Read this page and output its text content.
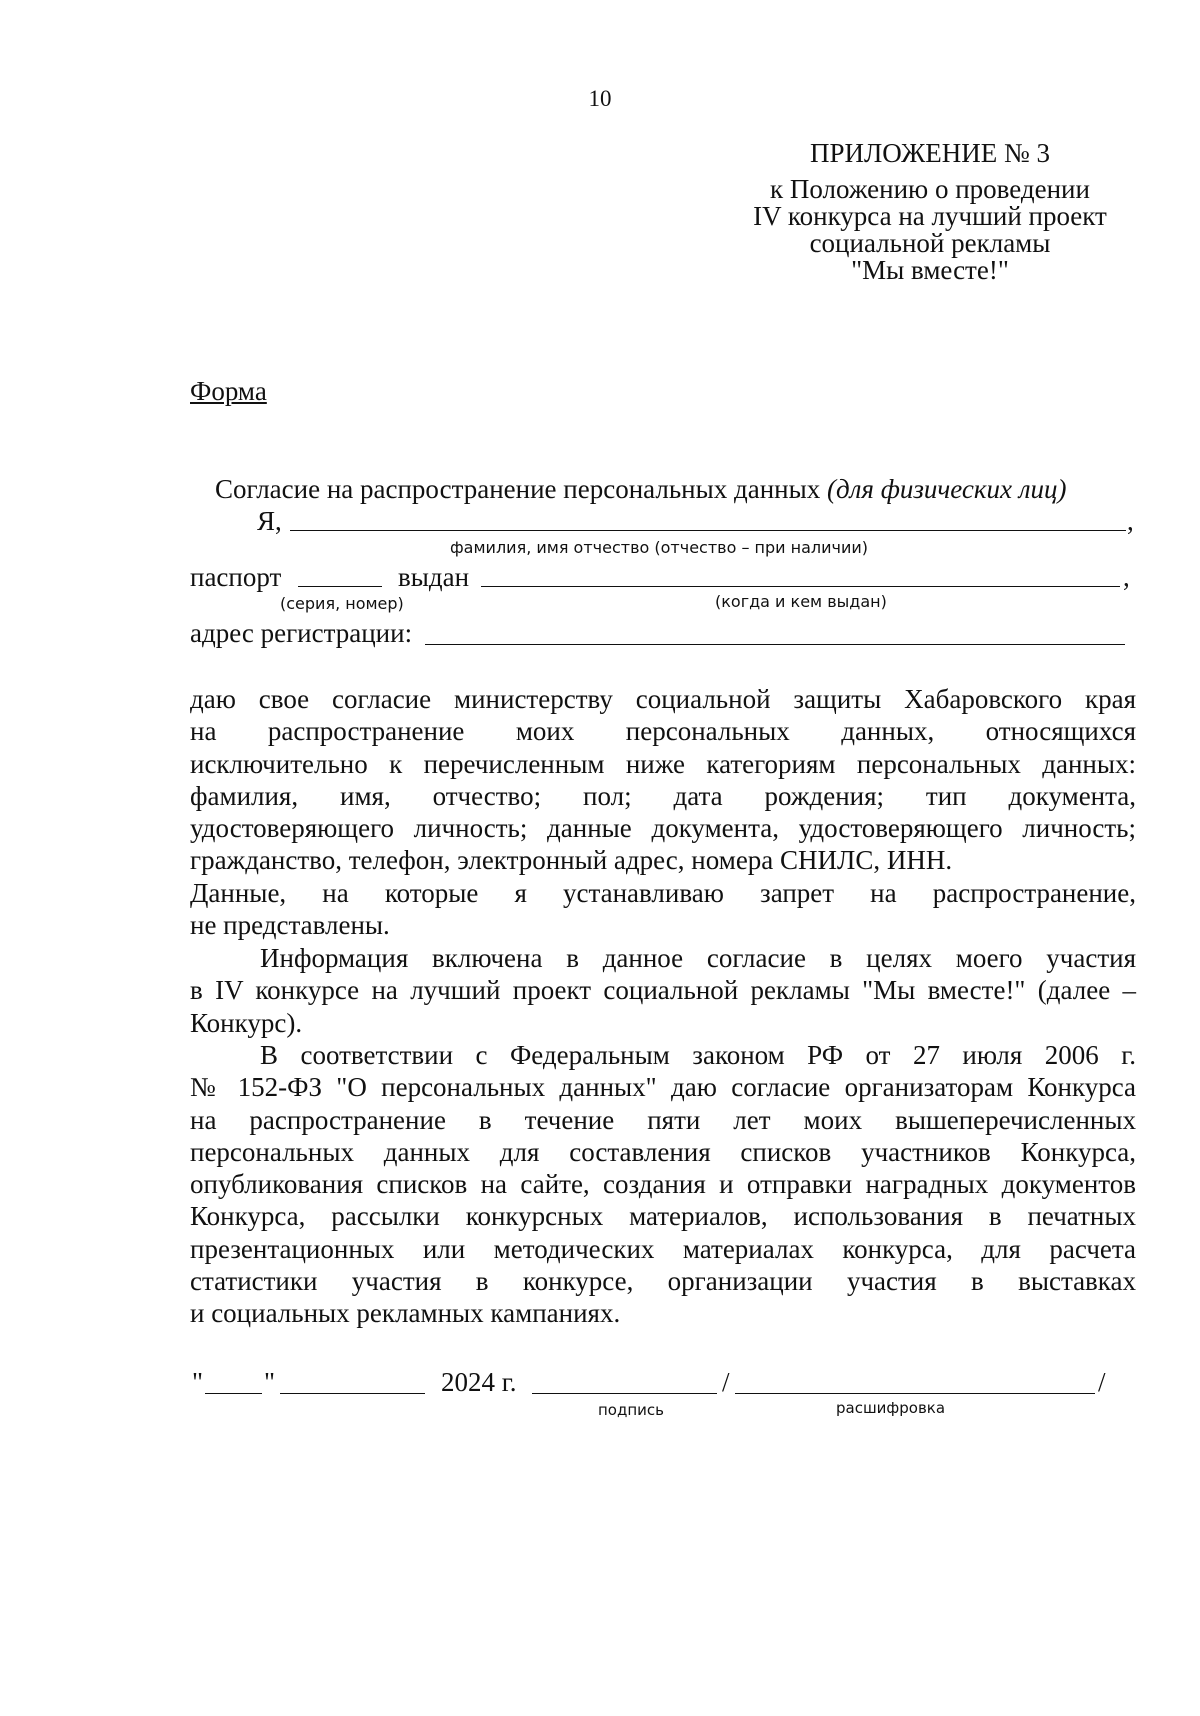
10
ПРИЛОЖЕНИЕ № 3
к Положению о проведении
IV конкурса на лучший проект
социальной рекламы
"Мы вместе!"
Форма
Согласие на распространение персональных данных (для физических лиц)
Я,	,
фамилия, имя отчество (отчество – при наличии)
паспорт	выдан	,
(серия, номер)	(когда и кем выдан)
адрес регистрации:
даю свое согласие министерству социальной защиты Хабаровского края
на распространение моих персональных данных, относящихся
исключительно к перечисленным ниже категориям персональных данных:
фамилия, имя, отчество; пол; дата рождения; тип документа,
удостоверяющего личность; данные документа, удостоверяющего личность;
гражданство, телефон, электронный адрес, номера СНИЛС, ИНН.
Данные, на которые я устанавливаю запрет на распространение,
не представлены.
Информация включена в данное согласие в целях моего участия
в IV конкурсе на лучший проект социальной рекламы "Мы вместе!" (далее –
Конкурс).
В соответствии с Федеральным законом РФ от 27 июля 2006 г.
№ 152-ФЗ "О персональных данных" даю согласие организаторам Конкурса
на распространение в течение пяти лет моих вышеперечисленных
персональных данных для составления списков участников Конкурса,
опубликования списков на сайте, создания и отправки наградных документов
Конкурса, рассылки конкурсных материалов, использования в печатных
презентационных или методических материалах конкурса, для расчета
статистики участия в конкурсе, организации участия в выставках
и социальных рекламных кампаниях.
" "	2024 г.	/	/
подпись	расшифровка
